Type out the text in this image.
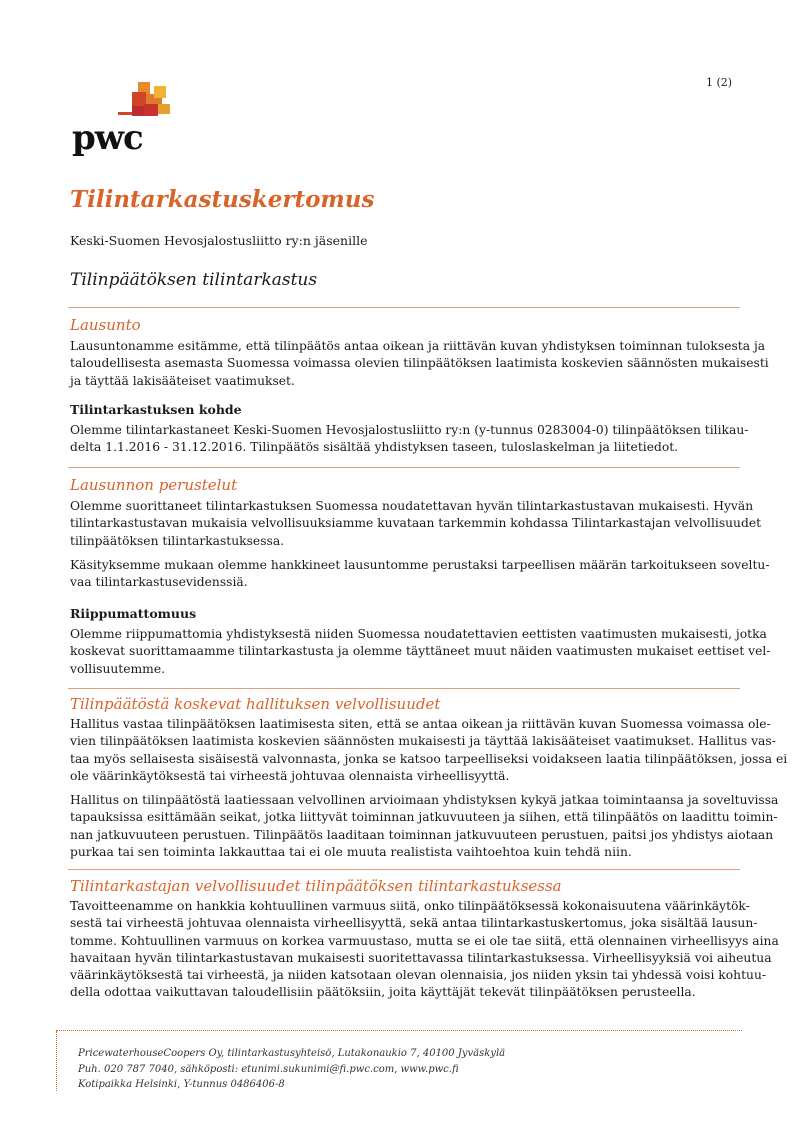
1 (2)
pwc
Tilintarkastuskertomus
Keski-Suomen Hevosjalostusliitto ry:n jäsenille
Tilinpäätöksen tilintarkastus
Lausunto
Lausuntonamme esitämme, että tilinpäätös antaa oikean ja riittävän kuvan yhdistyksen toiminnan tuloksesta ja
taloudellisesta asemasta Suomessa voimassa olevien tilinpäätöksen laatimista koskevien säännösten mukaisesti
ja täyttää lakisääteiset vaatimukset.
Tilintarkastuksen kohde
Olemme tilintarkastaneet Keski-Suomen Hevosjalostusliitto ry:n (y-tunnus 0283004-0) tilinpäätöksen tilikau-
delta 1.1.2016 - 31.12.2016. Tilinpäätös sisältää yhdistyksen taseen, tuloslaskelman ja liitetiedot.
Lausunnon perustelut
Olemme suorittaneet tilintarkastuksen Suomessa noudatettavan hyvän tilintarkastustavan mukaisesti. Hyvän
tilintarkastustavan mukaisia velvollisuuksiamme kuvataan tarkemmin kohdassa Tilintarkastajan velvollisuudet
tilinpäätöksen tilintarkastuksessa.
Käsityksemme mukaan olemme hankkineet lausuntomme perustaksi tarpeellisen määrän tarkoitukseen soveltu-
vaa tilintarkastusevidenssiä.
Riippumattomuus
Olemme riippumattomia yhdistyksestä niiden Suomessa noudatettavien eettisten vaatimusten mukaisesti, jotka
koskevat suorittamaamme tilintarkastusta ja olemme täyttäneet muut näiden vaatimusten mukaiset eettiset vel-
vollisuutemme.
Tilinpäätöstä koskevat hallituksen velvollisuudet
Hallitus vastaa tilinpäätöksen laatimisesta siten, että se antaa oikean ja riittävän kuvan Suomessa voimassa ole-
vien tilinpäätöksen laatimista koskevien säännösten mukaisesti ja täyttää lakisääteiset vaatimukset. Hallitus vas-
taa myös sellaisesta sisäisestä valvonnasta, jonka se katsoo tarpeelliseksi voidakseen laatia tilinpäätöksen, jossa ei
ole väärinkäytöksestä tai virheestä johtuvaa olennaista virheellisyyttä.
Hallitus on tilinpäätöstä laatiessaan velvollinen arvioimaan yhdistyksen kykyä jatkaa toimintaansa ja soveltuvissa
tapauksissa esittämään seikat, jotka liittyvät toiminnan jatkuvuuteen ja siihen, että tilinpäätös on laadittu toimin-
nan jatkuvuuteen perustuen. Tilinpäätös laaditaan toiminnan jatkuvuuteen perustuen, paitsi jos yhdistys aiotaan
purkaa tai sen toiminta lakkauttaa tai ei ole muuta realistista vaihtoehtoa kuin tehdä niin.
Tilintarkastajan velvollisuudet tilinpäätöksen tilintarkastuksessa
Tavoitteenamme on hankkia kohtuullinen varmuus siitä, onko tilinpäätöksessä kokonaisuutena väärinkäytök-
sestä tai virheestä johtuvaa olennaista virheellisyyttä, sekä antaa tilintarkastuskertomus, joka sisältää lausun-
tomme. Kohtuullinen varmuus on korkea varmuustaso, mutta se ei ole tae siitä, että olennainen virheellisyys aina
havaitaan hyvän tilintarkastustavan mukaisesti suoritettavassa tilintarkastuksessa. Virheellisyyksiä voi aiheutua
väärinkäytöksestä tai virheestä, ja niiden katsotaan olevan olennaisia, jos niiden yksin tai yhdessä voisi kohtuu-
della odottaa vaikuttavan taloudellisiin päätöksiin, joita käyttäjät tekevät tilinpäätöksen perusteella.
PricewaterhouseCoopers Oy, tilintarkastusyhteisö, Lutakonaukio 7, 40100 Jyväskylä
Puh. 020 787 7040, sähköposti: etunimi.sukunimi@fi.pwc.com, www.pwc.fi
Kotipaikka Helsinki, Y-tunnus 0486406-8
